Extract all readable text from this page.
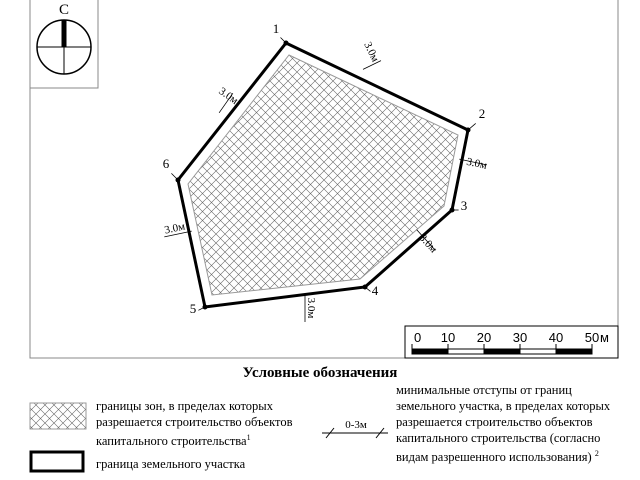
С
1
2
3
4
5
6
3.0м
3.0м
3.0м
3.0м
3.0м
3.0м
0 10 20 30 40 50 м
0-3м
Условные обозначения
границы зон, в пределах которых разрешается строительство объектов капитального строительства$^1$
граница земельного участка
минимальные отступы от границ земельного участка, в пределах которых разрешается строительство объектов капитального строительства (согласно видам разрешенного использования) $^2$
